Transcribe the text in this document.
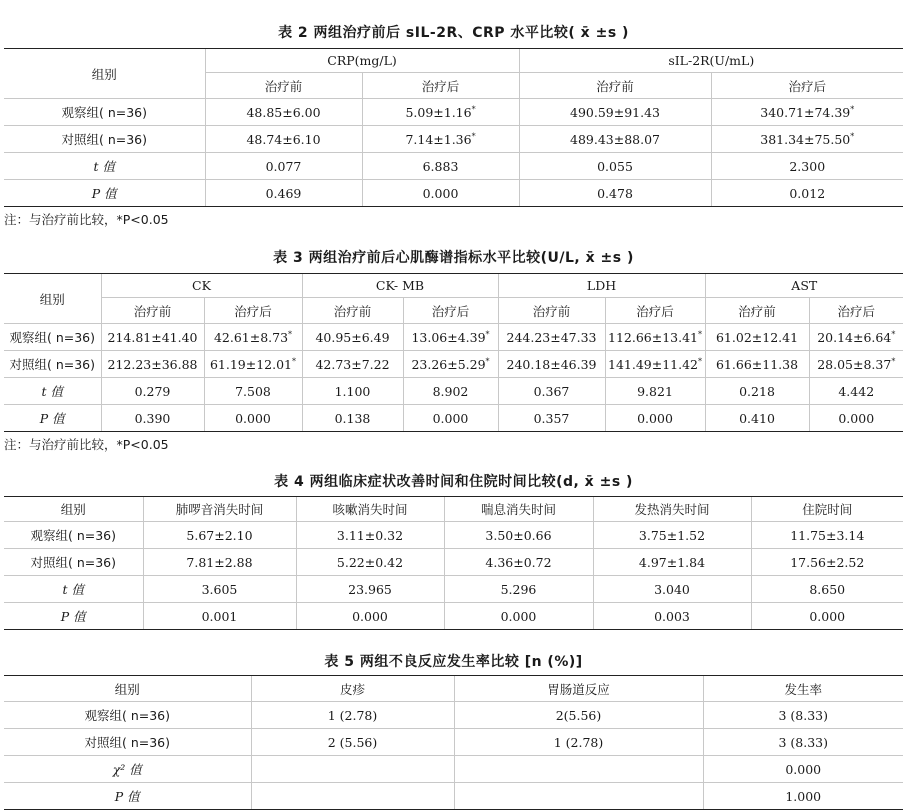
表 2 两组治疗前后 sIL-2R、CRP 水平比较( x̄ ±s )
组别	CRP(mg/L)		sIL-2R(U/mL)	
	治疗前	治疗后	治疗前	治疗后
观察组( n=36)	48.85±6.00	5.09±1.16*	490.59±91.43	340.71±74.39*
对照组( n=36)	48.74±6.10	7.14±1.36*	489.43±88.07	381.34±75.50*
t 值	0.077	6.883	0.055	2.300
P 值	0.469	0.000	0.478	0.012
注：与治疗前比较，*P<0.05
表 3 两组治疗前后心肌酶谱指标水平比较(U/L, x̄ ±s )
组别	CK		CK- MB		LDH		AST	
	治疗前	治疗后	治疗前	治疗后	治疗前	治疗后	治疗前	治疗后
观察组( n=36)	214.81±41.40	42.61±8.73*	40.95±6.49	13.06±4.39*	244.23±47.33	112.66±13.41*	61.02±12.41	20.14±6.64*
对照组( n=36)	212.23±36.88	61.19±12.01*	42.73±7.22	23.26±5.29*	240.18±46.39	141.49±11.42*	61.66±11.38	28.05±8.37*
t 值	0.279	7.508	1.100	8.902	0.367	9.821	0.218	4.442
P 值	0.390	0.000	0.138	0.000	0.357	0.000	0.410	0.000
注：与治疗前比较，*P<0.05
表 4 两组临床症状改善时间和住院时间比较(d, x̄ ±s )
组别	肺啰音消失时间	咳嗽消失时间	喘息消失时间	发热消失时间	住院时间
观察组( n=36)	5.67±2.10	3.11±0.32	3.50±0.66	3.75±1.52	11.75±3.14
对照组( n=36)	7.81±2.88	5.22±0.42	4.36±0.72	4.97±1.84	17.56±2.52
t 值	3.605	23.965	5.296	3.040	8.650
P 值	0.001	0.000	0.000	0.003	0.000
表 5 两组不良反应发生率比较 [n (%)]
组别	皮疹	胃肠道反应	发生率
观察组( n=36)	1 (2.78)	2(5.56)	3 (8.33)
对照组( n=36)	2 (5.56)	1 (2.78)	3 (8.33)
χ² 值			0.000
P 值			1.000
